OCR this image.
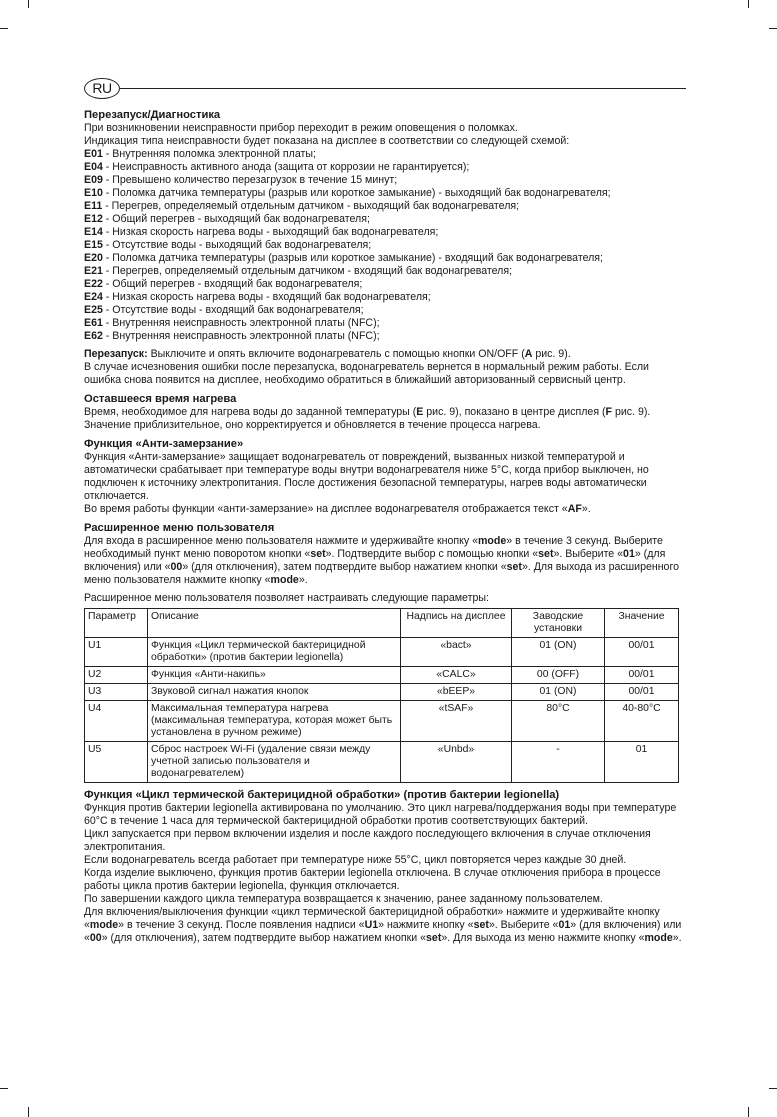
RU
Перезапуск/Диагностика

При возникновении неисправности прибор переходит в режим оповещения о поломках.

Индикация типа неисправности будет показана на дисплее в соответствии со следующей схемой:

E01 - Внутренняя поломка электронной платы;

E04 - Неисправность активного анода (защита от коррозии не гарантируется);

E09 - Превышено количество перезагрузок в течение 15 минут;

E10 - Поломка датчика температуры (разрыв или короткое замыкание) - выходящий бак водонагревателя;

E11 - Перегрев, определяемый отдельным датчиком - выходящий бак водонагревателя;

E12 - Общий перегрев - выходящий бак водонагревателя;

E14 - Низкая скорость нагрева воды - выходящий бак водонагревателя;

E15 - Отсутствие воды - выходящий бак водонагревателя;

E20 - Поломка датчика температуры (разрыв или короткое замыкание) - входящий бак водонагревателя;

E21 - Перегрев, определяемый отдельным датчиком - входящий бак водонагревателя;

E22 - Общий перегрев - входящий бак водонагревателя;

E24 - Низкая скорость нагрева воды - входящий бак водонагревателя;

E25 - Отсутствие воды - входящий бак водонагревателя;

E61 - Внутренняя неисправность электронной платы (NFC);

E62 - Внутренняя неисправность электронной платы (NFC);

Перезапуск: Выключите и опять включите водонагреватель с помощью кнопки ON/OFF (A рис. 9).

В случае исчезновения ошибки после перезапуска, водонагреватель вернется в нормальный режим работы. Если ошибка снова появится на дисплее, необходимо обратиться в ближайший авторизованный сервисный центр.

Оставшееся время нагрева

Время, необходимое для нагрева воды до заданной температуры (E рис. 9), показано в центре дисплея (F рис. 9). Значение приблизительное, оно корректируется и обновляется в течение процесса нагрева.

Функция «Анти-замерзание»

Функция «Анти-замерзание» защищает водонагреватель от повреждений, вызванных низкой температурой и автоматически срабатывает при температуре воды внутри водонагревателя ниже 5°C, когда прибор выключен, но подключен к источнику электропитания. После достижения безопасной температуры, нагрев воды автоматически отключается.

Во время работы функции «анти-замерзание» на дисплее водонагревателя отображается текст «AF».

Расширенное меню пользователя

Для входа в расширенное меню пользователя нажмите и удерживайте кнопку «mode» в течение 3 секунд. Выберите необходимый пункт меню поворотом кнопки «set». Подтвердите выбор с помощью кнопки «set». Выберите «01» (для включения) или «00» (для отключения), затем подтвердите выбор нажатием кнопки «set». Для выхода из расширенного меню пользователя нажмите кнопку «mode».

Расширенное меню пользователя позволяет настраивать следующие параметры:

Параметр	Описание	Надпись на дисплее	Заводские установки	Значение
U1	Функция «Цикл термической бактерицидной обработки» (против бактерии legionella)	«bact»	01 (ON)	00/01
U2	Функция «Анти-накипь»	«CALC»	00 (OFF)	00/01
U3	Звуковой сигнал нажатия кнопок	«bEEP»	01 (ON)	00/01
U4	Максимальная температура нагрева (максимальная температура, которая может быть установлена в ручном режиме)	«tSAF»	80°C	40-80°C
U5	Сброс настроек Wi-Fi (удаление связи между учетной записью пользователя и водонагревателем)	«Unbd»	-	01
Функция «Цикл термической бактерицидной обработки» (против бактерии legionella)

Функция против бактерии legionella активирована по умолчанию. Это цикл нагрева/поддержания воды при температуре 60°C в течение 1 часа для термической бактерицидной обработки против соответствующих бактерий.

Цикл запускается при первом включении изделия и после каждого последующего включения в случае отключения электропитания.

Если водонагреватель всегда работает при температуре ниже 55°C, цикл повторяется через каждые 30 дней.

Когда изделие выключено, функция против бактерии legionella отключена. В случае отключения прибора в процессе работы цикла против бактерии legionella, функция отключается.

По завершении каждого цикла температура возвращается к значению, ранее заданному пользователем.

Для включения/выключения функции «цикл термической бактерицидной обработки» нажмите и удерживайте кнопку «mode» в течение 3 секунд. После появления надписи «U1» нажмите кнопку «set». Выберите «01» (для включения) или «00» (для отключения), затем подтвердите выбор нажатием кнопки «set». Для выхода из меню нажмите кнопку «mode».
